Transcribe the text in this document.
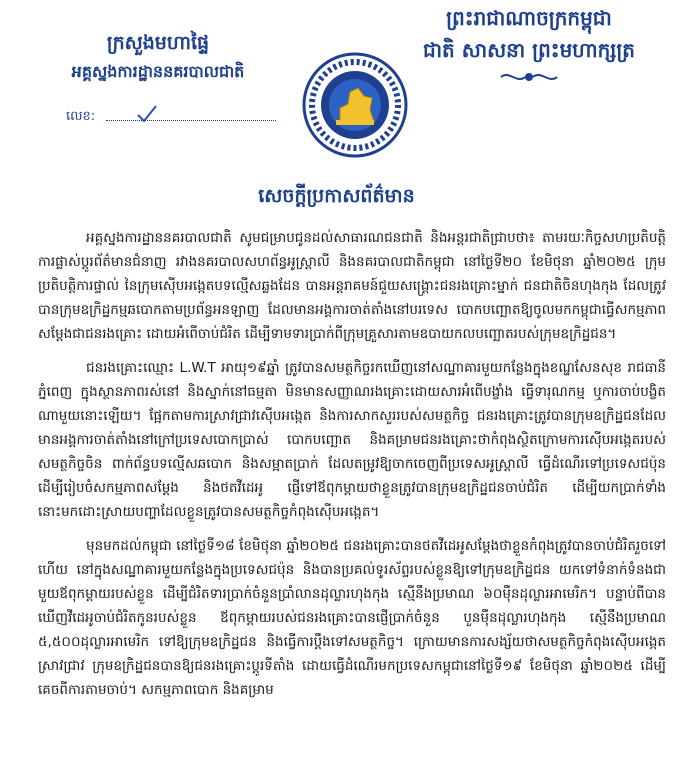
ព្រះរាជាណាចក្រកម្ពុជា
ជាតិ សាសនា ព្រះមហាក្សត្រ
ក្រសួងមហាផ្ទៃ
អគ្គស្នងការដ្ឋាននគរបាលជាតិ
លេខ:
សេចក្តីប្រកាសព័ត៌មាន

អគ្គស្នងការដ្ឋាននគរបាលជាតិ សូមជម្រាបជូនដល់សាធារណជនជាតិ និងអន្តរជាតិជ្រាបថា៖ តាមរយៈកិច្ចសហប្រតិបត្តិការផ្លាស់ប្តូរព័ត៌មានជំនាញ រវាងនគរបាលសហព័ន្ធអូស្ត្រាលី និងនគរបាលជាតិកម្ពុជា នៅថ្ងៃទី២០ ខែមិថុនា ឆ្នាំ២០២៥ ក្រុមប្រតិបត្តិការផ្ទាល់ នៃក្រុមស៊ើបអង្កេតបទល្មើសឆ្លងដែន បានអន្តរាគមន៍ជួយសង្គ្រោះជនរងគ្រោះម្នាក់ ជនជាតិចិនហុងកុង ដែលត្រូវបានក្រុមឧក្រិដ្ឋកម្មឆបោកតាមប្រព័ន្ធអនឡាញ ដែលមានអង្គការចាត់តាំងនៅបរទេស បោកបញ្ឆោតឱ្យចូលមកកម្ពុជាធ្វើសកម្មភាពសម្តែងជាជនរងគ្រោះ ដោយអំពើចាប់ជំរិត ដើម្បីទាមទារប្រាក់ពីក្រុមគ្រួសារតាមឧបាយកលបញ្ឆោតរបស់ក្រុមឧក្រិដ្ឋជន។

ជនរងគ្រោះឈ្មោះ L.W.T អាយុ១៩ឆ្នាំ ត្រូវបានសមត្ថកិច្ចរកឃើញនៅសណ្ឋាគារមួយកន្លែងក្នុងខណ្ឌសែនសុខ រាជធានីភ្នំពេញ ក្នុងស្ថានភាពរស់នៅ និងស្នាក់នៅធម្មតា មិនមានសញ្ញាណរងគ្រោះដោយសារអំពើបង្ខាំង ធ្វើទារុណកម្ម ឬការចាប់បង្ខិតណាមួយនោះឡើយ។ ផ្អែកតាមការស្រាវជ្រាវស៊ើបអង្កេត និងការសាកសួររបស់សមត្ថកិច្ច ជនរងគ្រោះត្រូវបានក្រុមឧក្រិដ្ឋជនដែលមានអង្គការចាត់តាំងនៅក្រៅប្រទេសបោកប្រាស់ បោកបញ្ឆោត និងគម្រាមជនរងគ្រោះថាកំពុងស្ថិតក្រោមការស៊ើបអង្កេតរបស់សមត្ថកិច្ចចិន ពាក់ព័ន្ធបទល្មើសឆបោក និងសម្អាតប្រាក់ ដែលតម្រូវឱ្យចាកចេញពីប្រទេសអូស្ត្រាលី ធ្វើដំណើរទៅប្រទេសជប៉ុនដើម្បីរៀបចំសកម្មភាពសម្តែង និងថតវីដេអូ ផ្ញើទៅឪពុកម្តាយថាខ្លួនត្រូវបានក្រុមឧក្រិដ្ឋជនចាប់ជំរិត ដើម្បីយកប្រាក់ទាំងនោះមកដោះស្រាយបញ្ហាដែលខ្លួនត្រូវបានសមត្ថកិច្ចកំពុងស៊ើបអង្កេត។

មុនមកដល់កម្ពុជា នៅថ្ងៃទី១៨ ខែមិថុនា ឆ្នាំ២០២៥ ជនរងគ្រោះបានថតវីដេអូសម្តែងថាខ្លួនកំពុងត្រូវបានចាប់ជំរិតរួចទៅហើយ នៅក្នុងសណ្ឋាគារមួយកន្លែងក្នុងប្រទេសជប៉ុន និងបានប្រគល់ទូរស័ព្ទរបស់ខ្លួនឱ្យទៅក្រុមឧក្រិដ្ឋជន យកទៅទំនាក់ទំនងជាមួយឪពុកម្តាយរបស់ខ្លួន ដើម្បីជំរិតទារប្រាក់ចំនួនប្រាំលានដុល្លារហុងកុង ស្មើនឹងប្រមាណ ៦០ម៉ឺនដុល្លារអាមេរិក។ បន្ទាប់ពីបានឃើញវីដេអូចាប់ជំរិតកូនរបស់ខ្លួន ឪពុកម្តាយរបស់ជនរងគ្រោះបានផ្ញើប្រាក់ចំនួន បួនម៉ឺនដុល្លារហុងកុង ស្មើនឹងប្រមាណ ៥,៥០០ដុល្លារអាមេរិក ទៅឱ្យក្រុមឧក្រិដ្ឋជន និងធ្វើការប្តឹងទៅសមត្ថកិច្ច។ ក្រោយមានការសង្ស័យថាសមត្ថកិច្ចកំពុងស៊ើបអង្កេតស្រាវជ្រាវ ក្រុមឧក្រិដ្ឋជនបានឱ្យជនរងគ្រោះប្តូរទីតាំង ដោយធ្វើដំណើរមកប្រទេសកម្ពុជានៅថ្ងៃទី១៩ ខែមិថុនា ឆ្នាំ២០២៥ ដើម្បីគេចពីការតាមចាប់។ សកម្មភាពបោក និងគម្រាម
